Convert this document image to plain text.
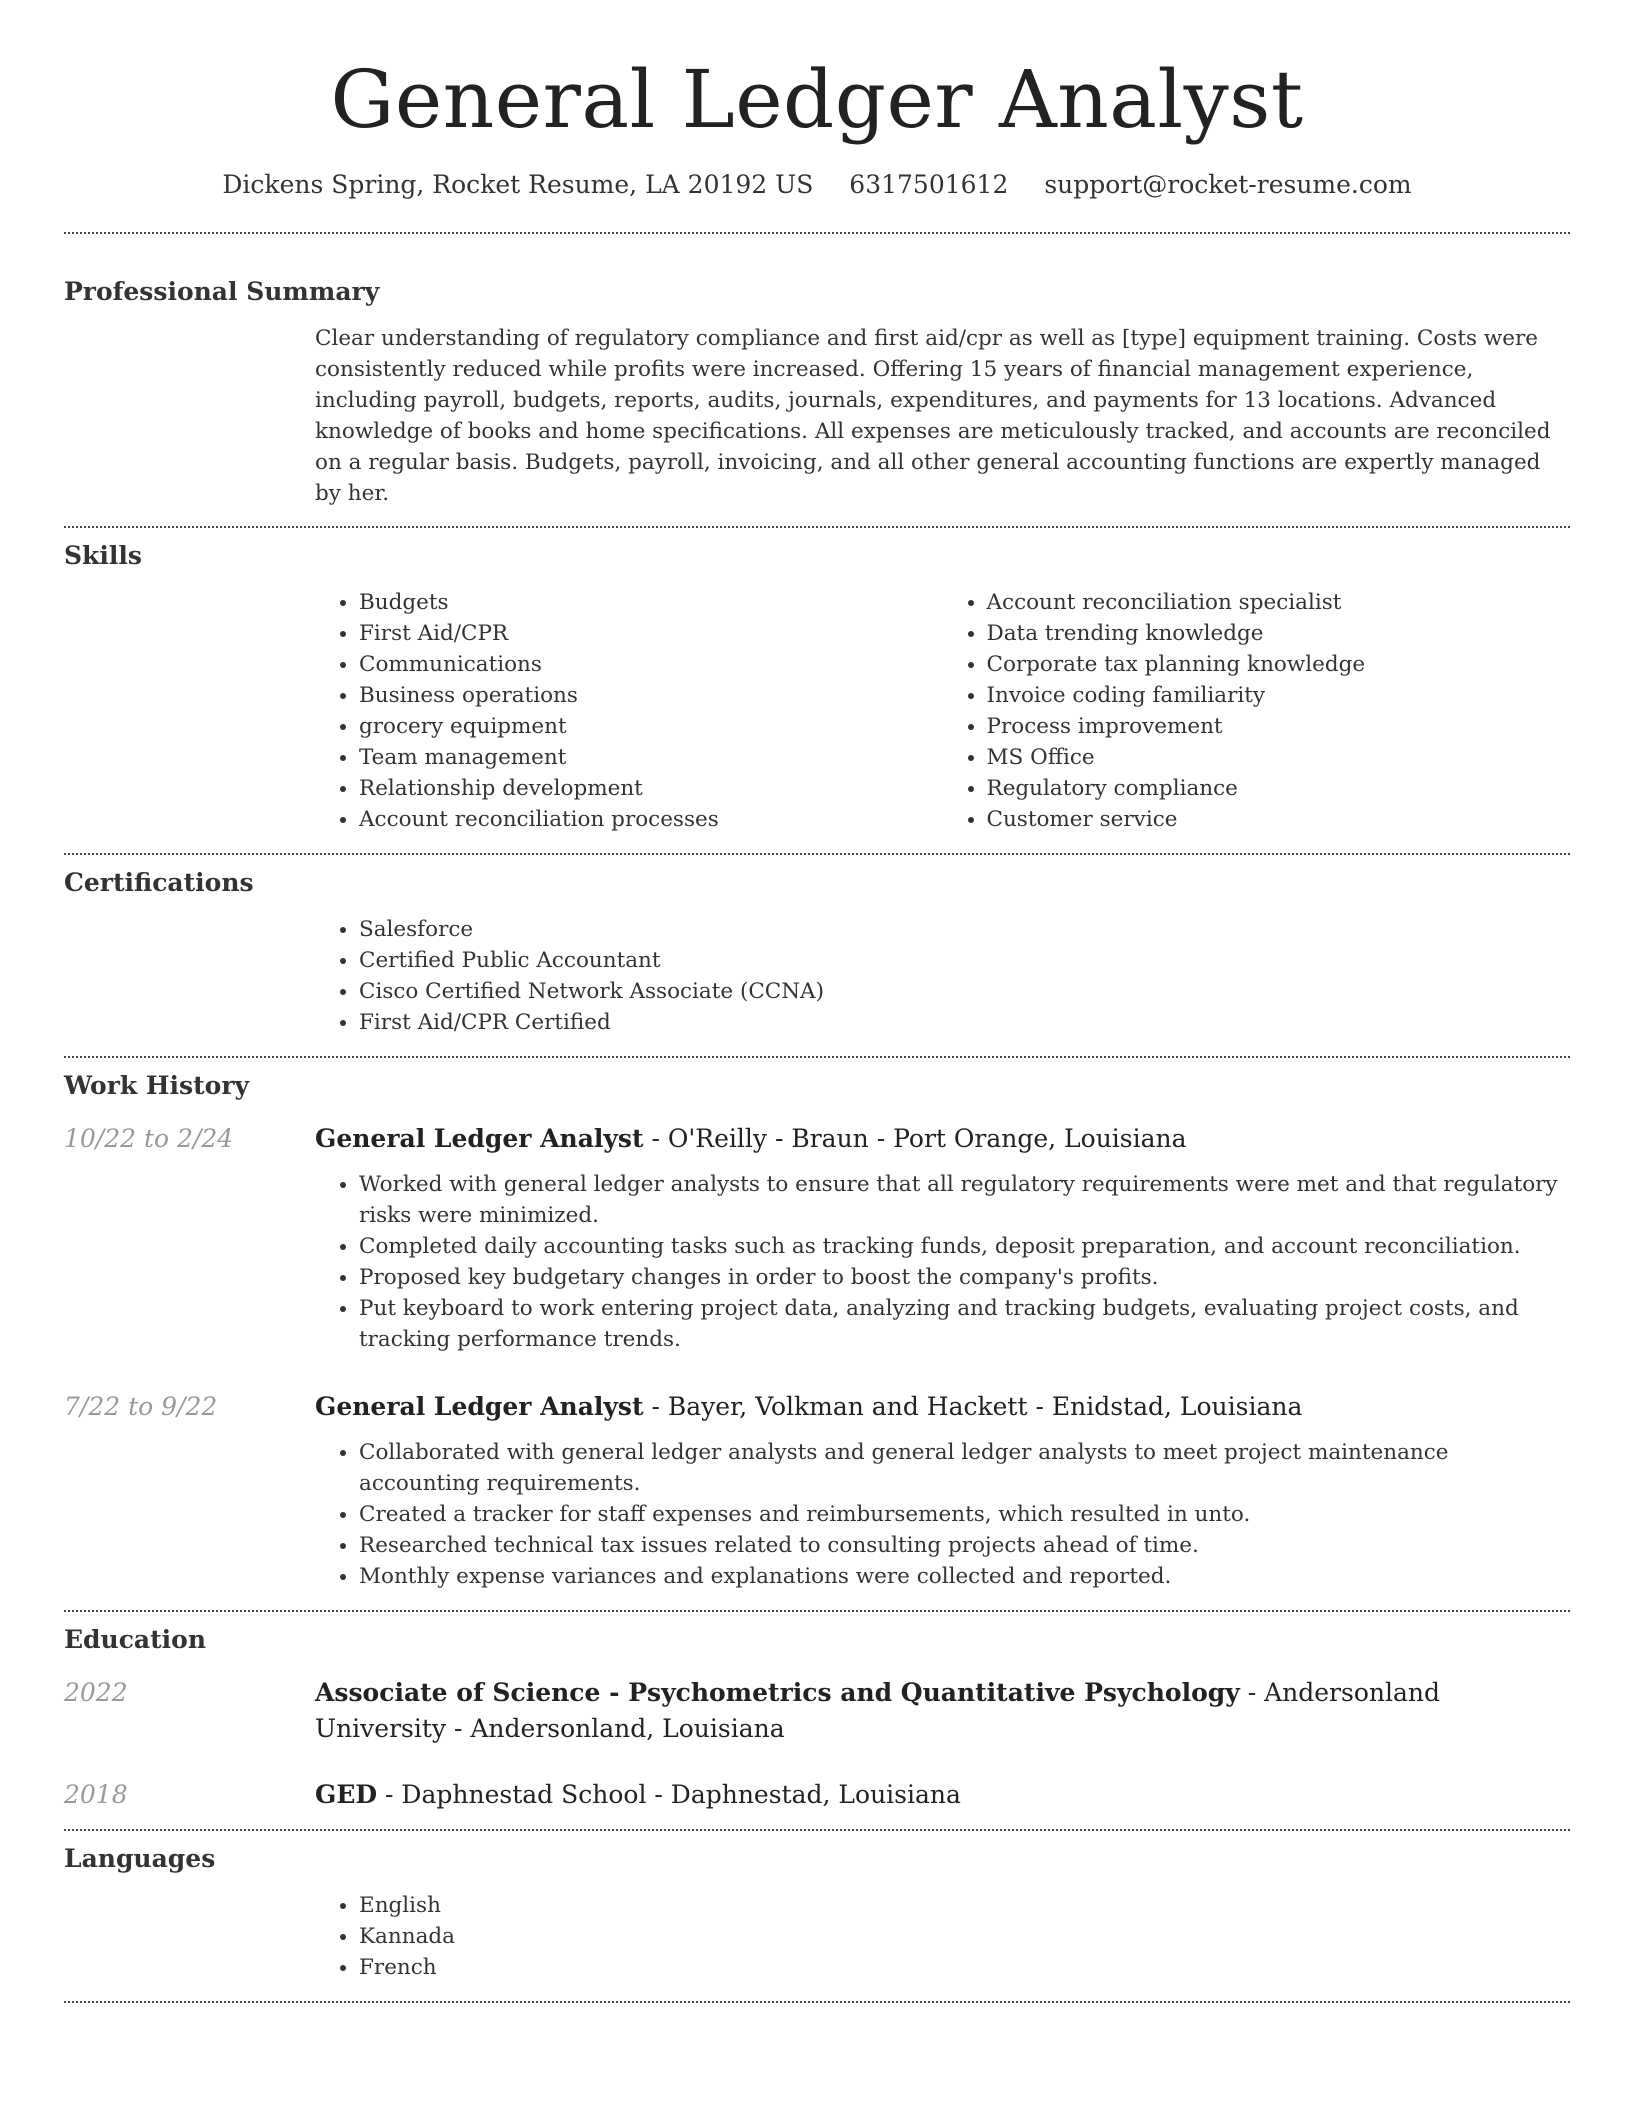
General Ledger Analyst
Dickens Spring, Rocket Resume, LA 20192 US 6317501612 support@rocket-resume.com
Professional Summary
Clear understanding of regulatory compliance and first aid/cpr as well as [type] equipment training. Costs were consistently reduced while profits were increased. Offering 15 years of financial management experience, including payroll, budgets, reports, audits, journals, expenditures, and payments for 13 locations. Advanced knowledge of books and home specifications. All expenses are meticulously tracked, and accounts are reconciled on a regular basis. Budgets, payroll, invoicing, and all other general accounting functions are expertly managed by her.
Skills
• Budgets
• First Aid/CPR
• Communications
• Business operations
• grocery equipment
• Team management
• Relationship development
• Account reconciliation processes
• Account reconciliation specialist
• Data trending knowledge
• Corporate tax planning knowledge
• Invoice coding familiarity
• Process improvement
• MS Office
• Regulatory compliance
• Customer service
Certifications
• Salesforce
• Certified Public Accountant
• Cisco Certified Network Associate (CCNA)
• First Aid/CPR Certified
Work History
10/22 to 2/24	General Ledger Analyst - O'Reilly - Braun - Port Orange, Louisiana
• Worked with general ledger analysts to ensure that all regulatory requirements were met and that regulatory risks were minimized.
• Completed daily accounting tasks such as tracking funds, deposit preparation, and account reconciliation.
• Proposed key budgetary changes in order to boost the company's profits.
• Put keyboard to work entering project data, analyzing and tracking budgets, evaluating project costs, and tracking performance trends.
7/22 to 9/22	General Ledger Analyst - Bayer, Volkman and Hackett - Enidstad, Louisiana
• Collaborated with general ledger analysts and general ledger analysts to meet project maintenance accounting requirements.
• Created a tracker for staff expenses and reimbursements, which resulted in unto.
• Researched technical tax issues related to consulting projects ahead of time.
• Monthly expense variances and explanations were collected and reported.
Education
2022	Associate of Science - Psychometrics and Quantitative Psychology - Andersonland University - Andersonland, Louisiana
2018	GED - Daphnestad School - Daphnestad, Louisiana
Languages
• English
• Kannada
• French
